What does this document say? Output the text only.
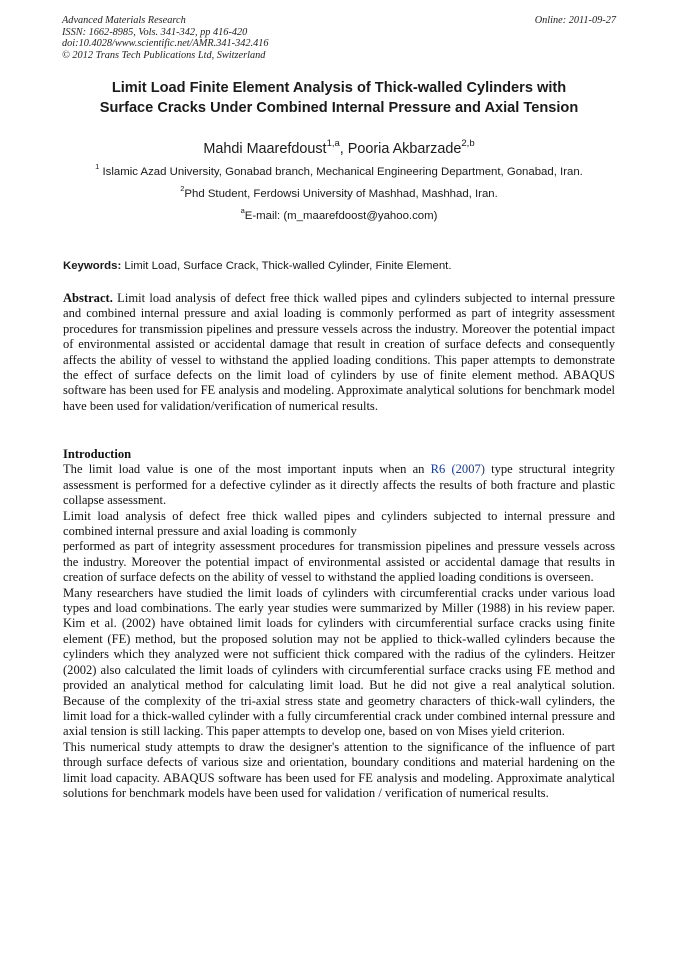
Advanced Materials Research
ISSN: 1662-8985, Vols. 341-342, pp 416-420
doi:10.4028/www.scientific.net/AMR.341-342.416
© 2012 Trans Tech Publications Ltd, Switzerland
Online: 2011-09-27
Limit Load Finite Element Analysis of Thick-walled Cylinders with
Surface Cracks Under Combined Internal Pressure and Axial Tension
Mahdi Maarefdoust$^{1,a}$, Pooria Akbarzade$^{2,b}$
$^1$ Islamic Azad University, Gonabad branch, Mechanical Engineering Department, Gonabad, Iran.
$^2$Phd Student, Ferdowsi University of Mashhad, Mashhad, Iran.
$^a$E-mail: (m_maarefdoost@yahoo.com)
Keywords: Limit Load, Surface Crack, Thick-walled Cylinder, Finite Element.

Abstract. Limit load analysis of defect free thick walled pipes and cylinders subjected to internal pressure and combined internal pressure and axial loading is commonly performed as part of integrity assessment procedures for transmission pipelines and pressure vessels across the industry. Moreover the potential impact of environmental assisted or accidental damage that result in creation of surface defects and consequently affects the ability of vessel to withstand the applied loading conditions. This paper attempts to demonstrate the effect of surface defects on the limit load of cylinders by use of finite element method. ABAQUS software has been used for FE analysis and modeling. Approximate analytical solutions for benchmark model have been used for validation/verification of numerical results.

Introduction

The limit load value is one of the most important inputs when an R6 (2007) type structural integrity assessment is performed for a defective cylinder as it directly affects the results of both fracture and plastic collapse assessment.

Limit load analysis of defect free thick walled pipes and cylinders subjected to internal pressure and combined internal pressure and axial loading is commonly

performed as part of integrity assessment procedures for transmission pipelines and pressure vessels across the industry. Moreover the potential impact of environmental assisted or accidental damage that results in creation of surface defects on the ability of vessel to withstand the applied loading conditions is overseen.

Many researchers have studied the limit loads of cylinders with circumferential cracks under various load types and load combinations. The early year studies were summarized by Miller (1988) in his review paper. Kim et al. (2002) have obtained limit loads for cylinders with circumferential surface cracks using finite element (FE) method, but the proposed solution may not be applied to thick-walled cylinders because the cylinders which they analyzed were not sufficient thick compared with the radius of the cylinders. Heitzer (2002) also calculated the limit loads of cylinders with circumferential surface cracks using FE method and provided an analytical method for calculating limit load. But he did not give a real analytical solution. Because of the complexity of the tri-axial stress state and geometry characters of thick-wall cylinders, the limit load for a thick-walled cylinder with a fully circumferential crack under combined internal pressure and axial tension is still lacking. This paper attempts to develop one, based on von Mises yield criterion.

This numerical study attempts to draw the designer's attention to the significance of the influence of part through surface defects of various size and orientation, boundary conditions and material hardening on the limit load capacity. ABAQUS software has been used for FE analysis and modeling. Approximate analytical solutions for benchmark models have been used for validation / verification of numerical results.
